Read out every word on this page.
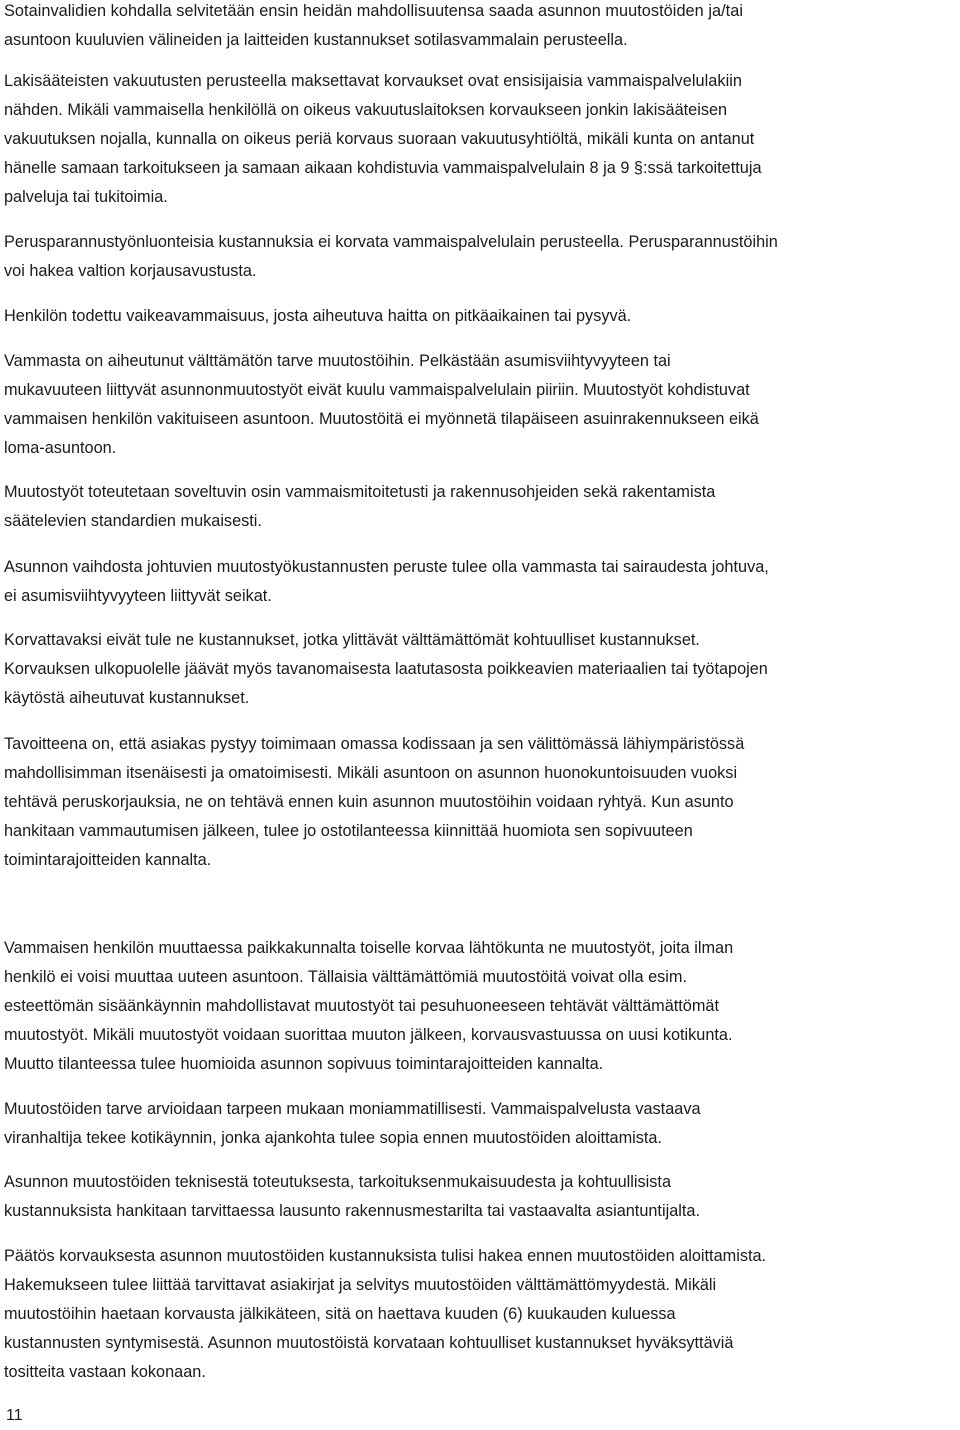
Sotainvalidien kohdalla selvitetään ensin heidän mahdollisuutensa saada asunnon muutostöiden ja/tai
asuntoon kuuluvien välineiden ja laitteiden kustannukset sotilasvammalain perusteella.

Lakisääteisten vakuutusten perusteella maksettavat korvaukset ovat ensisijaisia vammaispalvelulakiin
nähden. Mikäli vammaisella henkilöllä on oikeus vakuutuslaitoksen korvaukseen jonkin lakisääteisen
vakuutuksen nojalla, kunnalla on oikeus periä korvaus suoraan vakuutusyhtiöltä, mikäli kunta on antanut
hänelle samaan tarkoitukseen ja samaan aikaan kohdistuvia vammaispalvelulain 8 ja 9 §:ssä tarkoitettuja
palveluja tai tukitoimia.

Perusparannustyönluonteisia kustannuksia ei korvata vammaispalvelulain perusteella. Perusparannustöihin
voi hakea valtion korjausavustusta.

Henkilön todettu vaikeavammaisuus, josta aiheutuva haitta on pitkäaikainen tai pysyvä.

Vammasta on aiheutunut välttämätön tarve muutostöihin. Pelkästään asumisviihtyvyyteen tai
mukavuuteen liittyvät asunnonmuutostyöt eivät kuulu vammaispalvelulain piiriin. Muutostyöt kohdistuvat
vammaisen henkilön vakituiseen asuntoon. Muutostöitä ei myönnetä tilapäiseen asuinrakennukseen eikä
loma-asuntoon.

Muutostyöt toteutetaan soveltuvin osin vammaismitoitetusti ja rakennusohjeiden sekä rakentamista
säätelevien standardien mukaisesti.

Asunnon vaihdosta johtuvien muutostyökustannusten peruste tulee olla vammasta tai sairaudesta johtuva,
ei asumisviihtyvyyteen liittyvät seikat.

Korvattavaksi eivät tule ne kustannukset, jotka ylittävät välttämättömät kohtuulliset kustannukset.
Korvauksen ulkopuolelle jäävät myös tavanomaisesta laatutasosta poikkeavien materiaalien tai työtapojen
käytöstä aiheutuvat kustannukset.

Tavoitteena on, että asiakas pystyy toimimaan omassa kodissaan ja sen välittömässä lähiympäristössä
mahdollisimman itsenäisesti ja omatoimisesti. Mikäli asuntoon on asunnon huonokuntoisuuden vuoksi
tehtävä peruskorjauksia, ne on tehtävä ennen kuin asunnon muutostöihin voidaan ryhtyä. Kun asunto
hankitaan vammautumisen jälkeen, tulee jo ostotilanteessa kiinnittää huomiota sen sopivuuteen
toimintarajoitteiden kannalta.

Vammaisen henkilön muuttaessa paikkakunnalta toiselle korvaa lähtökunta ne muutostyöt, joita ilman
henkilö ei voisi muuttaa uuteen asuntoon. Tällaisia välttämättömiä muutostöitä voivat olla esim.
esteettömän sisäänkäynnin mahdollistavat muutostyöt tai pesuhuoneeseen tehtävät välttämättömät
muutostyöt. Mikäli muutostyöt voidaan suorittaa muuton jälkeen, korvausvastuussa on uusi kotikunta.
Muutto tilanteessa tulee huomioida asunnon sopivuus toimintarajoitteiden kannalta.

Muutostöiden tarve arvioidaan tarpeen mukaan moniammatillisesti. Vammaispalvelusta vastaava
viranhaltija tekee kotikäynnin, jonka ajankohta tulee sopia ennen muutostöiden aloittamista.

Asunnon muutostöiden teknisestä toteutuksesta, tarkoituksenmukaisuudesta ja kohtuullisista
kustannuksista hankitaan tarvittaessa lausunto rakennusmestarilta tai vastaavalta asiantuntijalta.

Päätös korvauksesta asunnon muutostöiden kustannuksista tulisi hakea ennen muutostöiden aloittamista.
Hakemukseen tulee liittää tarvittavat asiakirjat ja selvitys muutostöiden välttämättömyydestä. Mikäli
muutostöihin haetaan korvausta jälkikäteen, sitä on haettava kuuden (6) kuukauden kuluessa
kustannusten syntymisestä. Asunnon muutostöistä korvataan kohtuulliset kustannukset hyväksyttäviä
tositteita vastaan kokonaan.

11
